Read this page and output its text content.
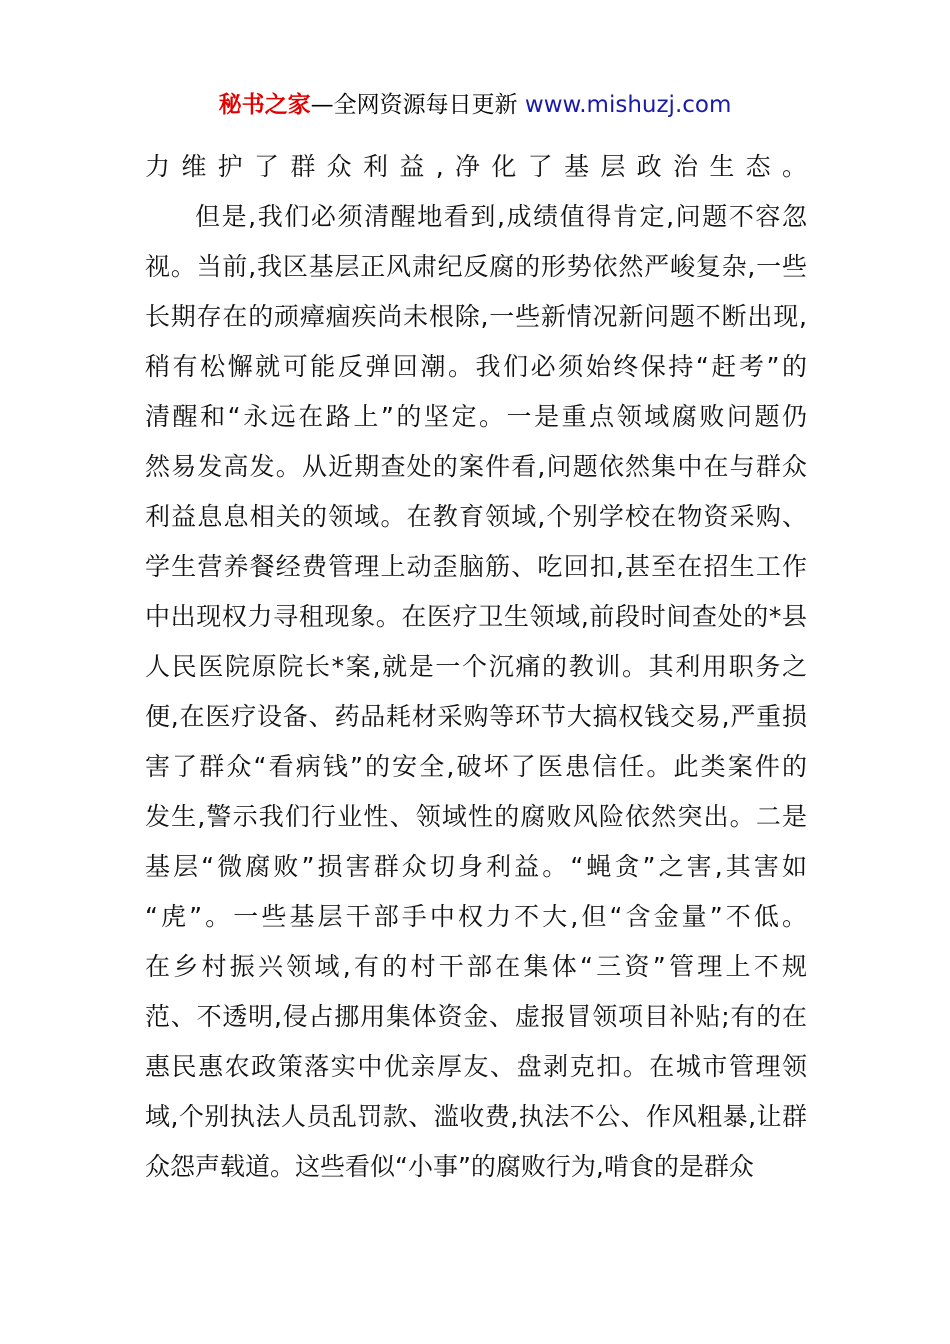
秘书之家—全网资源每日更新 www.mishuzj.com
力维护了群众利益,净化了基层政治生态。
但是,我们必须清醒地看到,成绩值得肯定,问题不容忽
视。当前,我区基层正风肃纪反腐的形势依然严峻复杂,一些
长期存在的顽瘴痼疾尚未根除,一些新情况新问题不断出现,
稍有松懈就可能反弹回潮。我们必须始终保持“赶考”的
清醒和“永远在路上”的坚定。一是重点领域腐败问题仍
然易发高发。从近期查处的案件看,问题依然集中在与群众
利益息息相关的领域。在教育领域,个别学校在物资采购、
学生营养餐经费管理上动歪脑筋、吃回扣,甚至在招生工作
中出现权力寻租现象。在医疗卫生领域,前段时间查处的*县
人民医院原院长*案,就是一个沉痛的教训。其利用职务之
便,在医疗设备、药品耗材采购等环节大搞权钱交易,严重损
害了群众“看病钱”的安全,破坏了医患信任。此类案件的
发生,警示我们行业性、领域性的腐败风险依然突出。二是
基层“微腐败”损害群众切身利益。“蝇贪”之害,其害如
“虎”。一些基层干部手中权力不大,但“含金量”不低。
在乡村振兴领域,有的村干部在集体“三资”管理上不规
范、不透明,侵占挪用集体资金、虚报冒领项目补贴;有的在
惠民惠农政策落实中优亲厚友、盘剥克扣。在城市管理领
域,个别执法人员乱罚款、滥收费,执法不公、作风粗暴,让群
众怨声载道。这些看似“小事”的腐败行为,啃食的是群众
